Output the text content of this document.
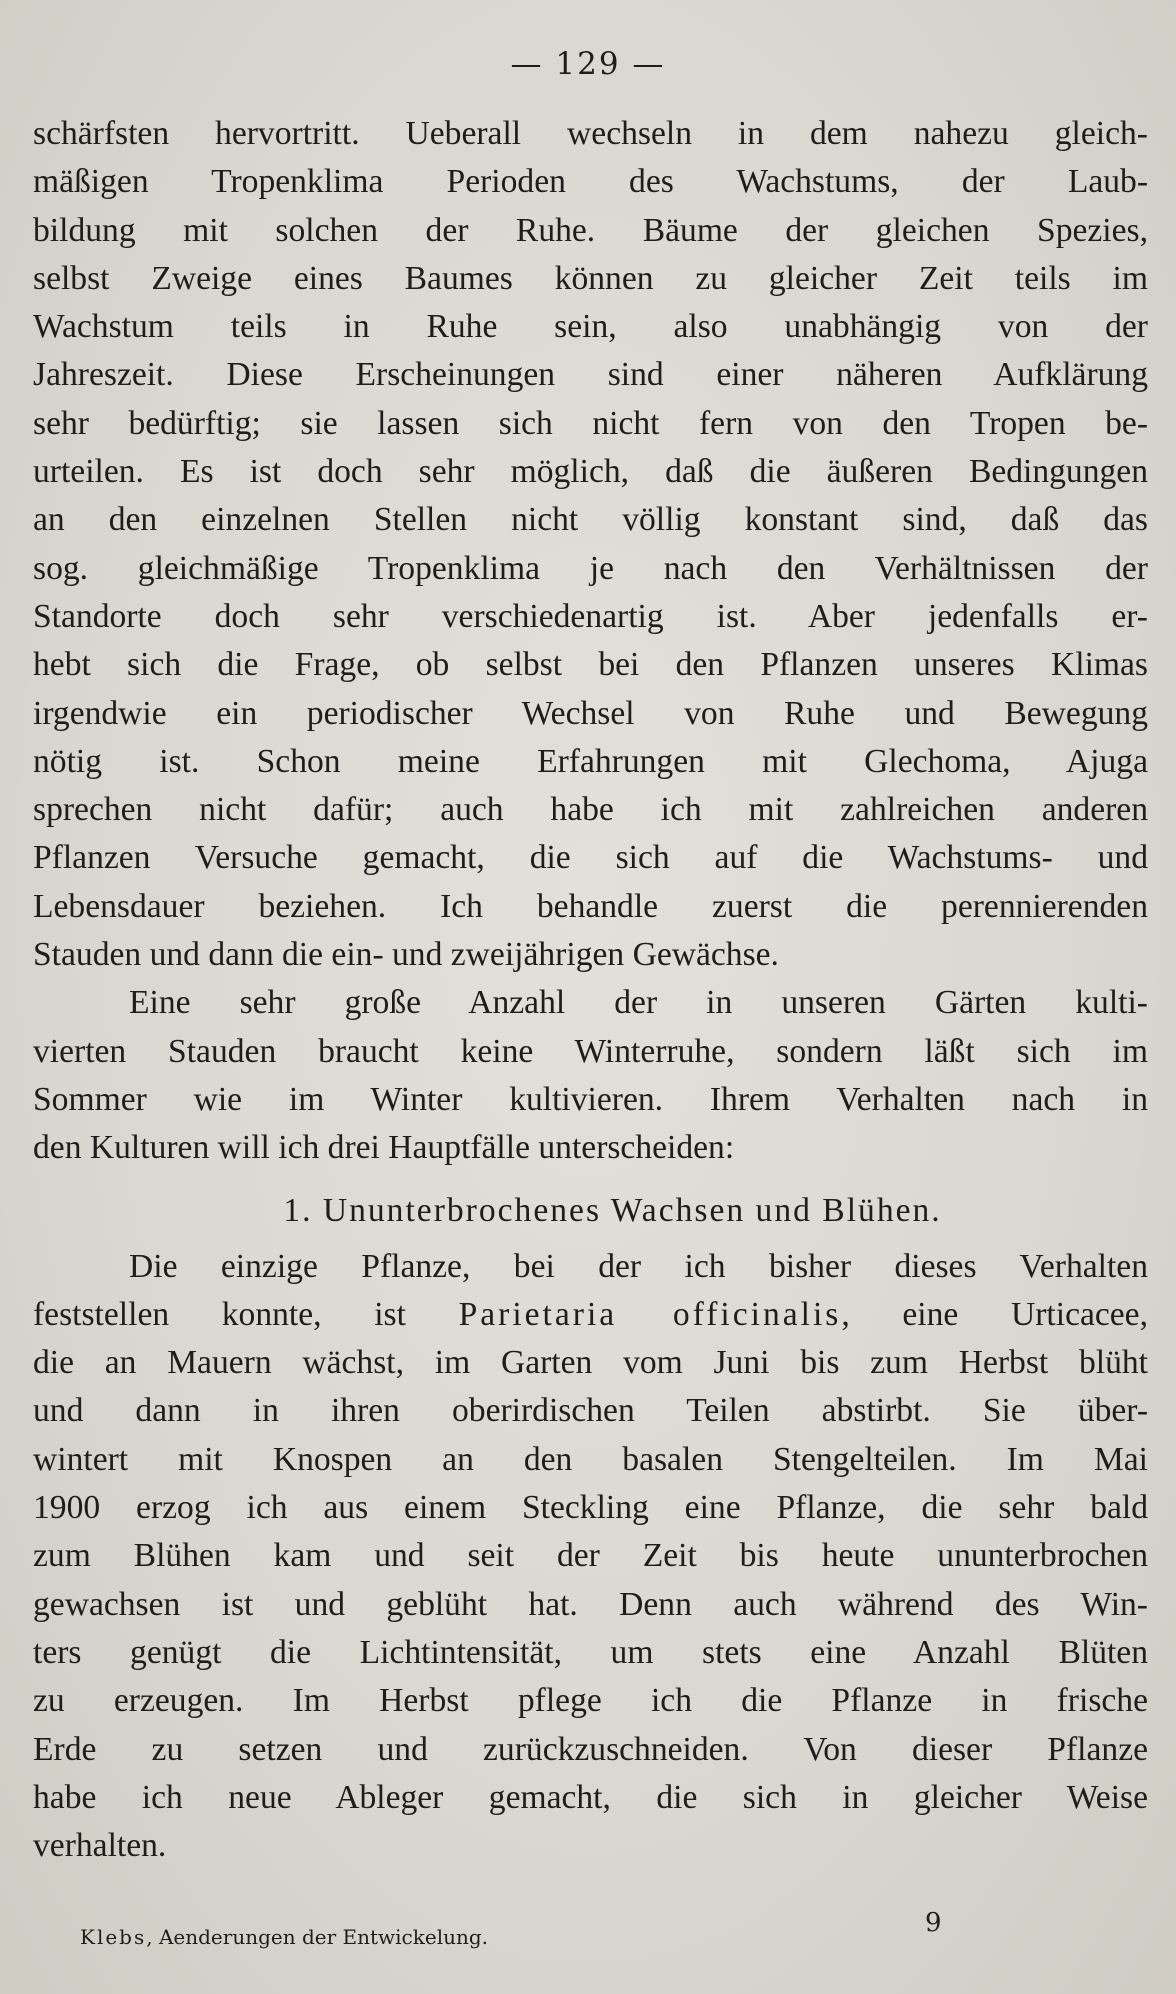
— 129 —
schärfsten hervortritt. Ueberall wechseln in dem nahezu gleich-
mäßigen Tropenklima Perioden des Wachstums, der Laub-
bildung mit solchen der Ruhe. Bäume der gleichen Spezies,
selbst Zweige eines Baumes können zu gleicher Zeit teils im
Wachstum teils in Ruhe sein, also unabhängig von der
Jahreszeit. Diese Erscheinungen sind einer näheren Aufklärung
sehr bedürftig; sie lassen sich nicht fern von den Tropen be-
urteilen. Es ist doch sehr möglich, daß die äußeren Bedingungen
an den einzelnen Stellen nicht völlig konstant sind, daß das
sog. gleichmäßige Tropenklima je nach den Verhältnissen der
Standorte doch sehr verschiedenartig ist. Aber jedenfalls er-
hebt sich die Frage, ob selbst bei den Pflanzen unseres Klimas
irgendwie ein periodischer Wechsel von Ruhe und Bewegung
nötig ist. Schon meine Erfahrungen mit Glechoma, Ajuga
sprechen nicht dafür; auch habe ich mit zahlreichen anderen
Pflanzen Versuche gemacht, die sich auf die Wachstums- und
Lebensdauer beziehen. Ich behandle zuerst die perennierenden
Stauden und dann die ein- und zweijährigen Gewächse.
Eine sehr große Anzahl der in unseren Gärten kulti-
vierten Stauden braucht keine Winterruhe, sondern läßt sich im
Sommer wie im Winter kultivieren. Ihrem Verhalten nach in
den Kulturen will ich drei Hauptfälle unterscheiden:
1. Ununterbrochenes Wachsen und Blühen.
Die einzige Pflanze, bei der ich bisher dieses Verhalten
feststellen konnte, ist Parietaria officinalis, eine Urticacee,
die an Mauern wächst, im Garten vom Juni bis zum Herbst blüht
und dann in ihren oberirdischen Teilen abstirbt. Sie über-
wintert mit Knospen an den basalen Stengelteilen. Im Mai
1900 erzog ich aus einem Steckling eine Pflanze, die sehr bald
zum Blühen kam und seit der Zeit bis heute ununterbrochen
gewachsen ist und geblüht hat. Denn auch während des Win-
ters genügt die Lichtintensität, um stets eine Anzahl Blüten
zu erzeugen. Im Herbst pflege ich die Pflanze in frische
Erde zu setzen und zurückzuschneiden. Von dieser Pflanze
habe ich neue Ableger gemacht, die sich in gleicher Weise
verhalten.
Klebs, Aenderungen der Entwickelung.	9
